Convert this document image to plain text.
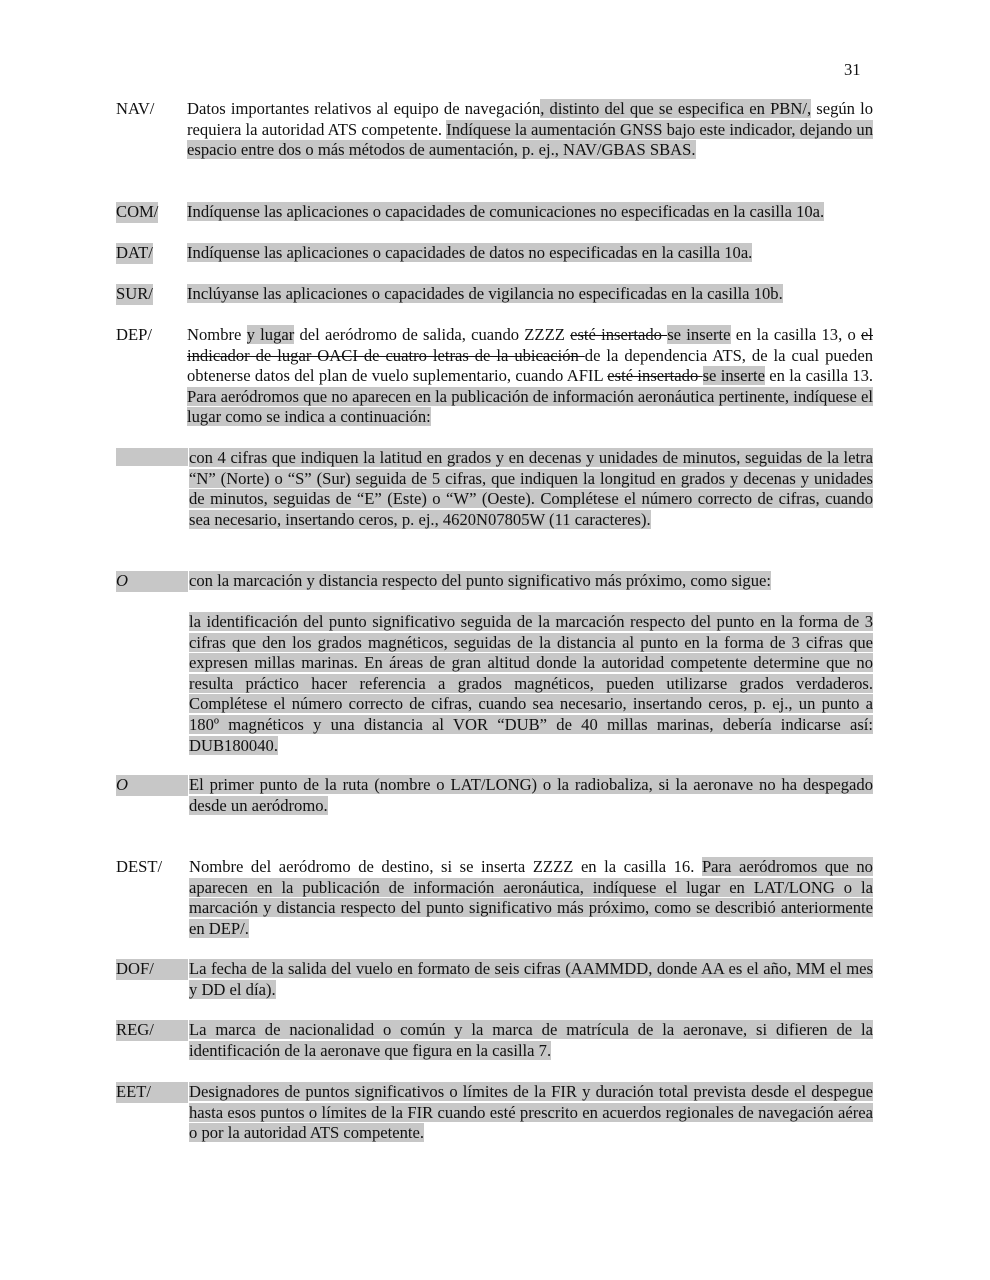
31
NAV/ Datos importantes relativos al equipo de navegación, distinto del que se especifica en PBN/, según lo requiera la autoridad ATS competente. Indíquese la aumentación GNSS bajo este indicador, dejando un espacio entre dos o más métodos de aumentación, p. ej., NAV/GBAS SBAS.
COM/ Indíquense las aplicaciones o capacidades de comunicaciones no especificadas en la casilla 10a.
DAT/ Indíquense las aplicaciones o capacidades de datos no especificadas en la casilla 10a.
SUR/ Inclúyanse las aplicaciones o capacidades de vigilancia no especificadas en la casilla 10b.
DEP/ Nombre y lugar del aeródromo de salida, cuando ZZZZ esté insertado se inserte en la casilla 13, o el indicador de lugar OACI de cuatro letras de la ubicación de la dependencia ATS, de la cual pueden obtenerse datos del plan de vuelo suplementario, cuando AFIL esté insertado se inserte en la casilla 13. Para aeródromos que no aparecen en la publicación de información aeronáutica pertinente, indíquese el lugar como se indica a continuación:
con 4 cifras que indiquen la latitud en grados y en decenas y unidades de minutos, seguidas de la letra “N” (Norte) o “S” (Sur) seguida de 5 cifras, que indiquen la longitud en grados y decenas y unidades de minutos, seguidas de “E” (Este) o “W” (Oeste). Complétese el número correcto de cifras, cuando sea necesario, insertando ceros, p. ej., 4620N07805W (11 caracteres).
O	con la marcación y distancia respecto del punto significativo más próximo, como sigue:
la identificación del punto significativo seguida de la marcación respecto del punto en la forma de 3 cifras que den los grados magnéticos, seguidas de la distancia al punto en la forma de 3 cifras que expresen millas marinas. En áreas de gran altitud donde la autoridad competente determine que no resulta práctico hacer referencia a grados magnéticos, pueden utilizarse grados verdaderos. Complétese el número correcto de cifras, cuando sea necesario, insertando ceros, p. ej., un punto a 180º magnéticos y una distancia al VOR “DUB” de 40 millas marinas, debería indicarse así: DUB180040.
O	El primer punto de la ruta (nombre o LAT/LONG) o la radiobaliza, si la aeronave no ha despegado desde un aeródromo.
DEST/ Nombre del aeródromo de destino, si se inserta ZZZZ en la casilla 16. Para aeródromos que no aparecen en la publicación de información aeronáutica, indíquese el lugar en LAT/LONG o la marcación y distancia respecto del punto significativo más próximo, como se describió anteriormente en DEP/.
DOF/	La fecha de la salida del vuelo en formato de seis cifras (AAMMDD, donde AA es el año, MM el mes y DD el día).
REG/	La marca de nacionalidad o común y la marca de matrícula de la aeronave, si difieren de la identificación de la aeronave que figura en la casilla 7.
EET/	Designadores de puntos significativos o límites de la FIR y duración total prevista desde el despegue hasta esos puntos o límites de la FIR cuando esté prescrito en acuerdos regionales de navegación aérea o por la autoridad ATS competente.
